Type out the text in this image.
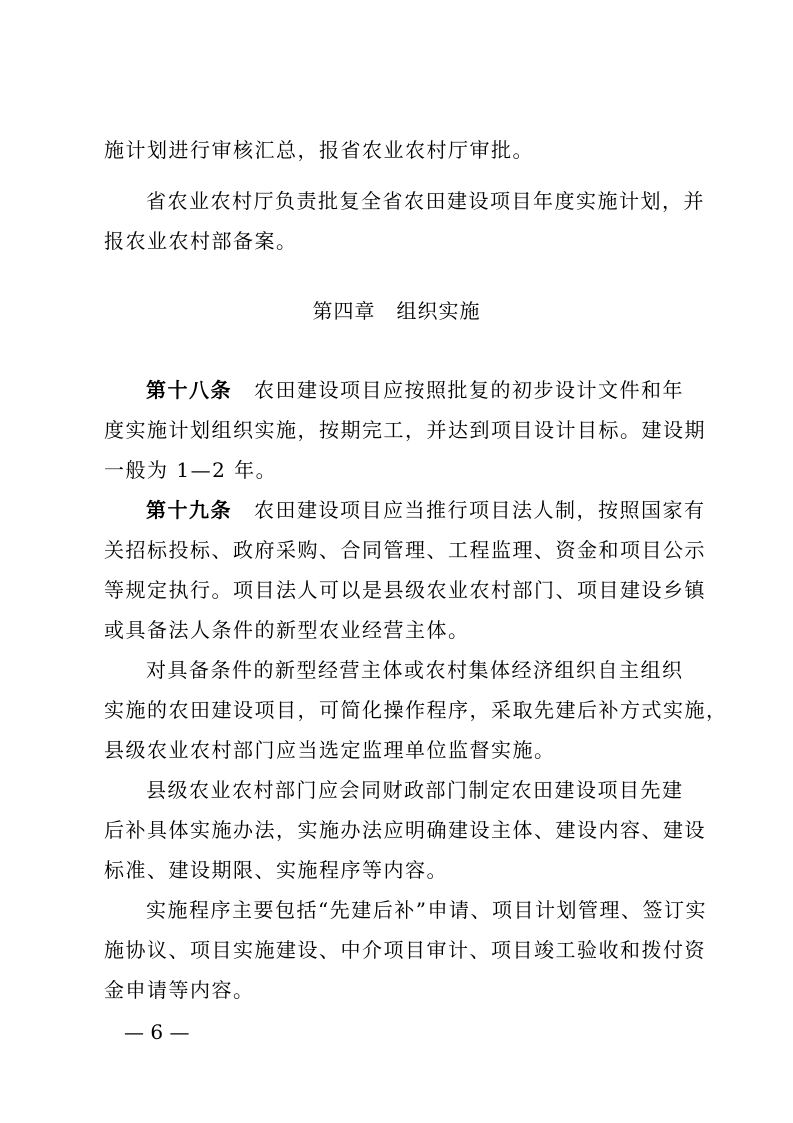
施计划进行审核汇总，报省农业农村厅审批。
省农业农村厅负责批复全省农田建设项目年度实施计划，并
报农业农村部备案。
第四章　组织实施
第十八条 农田建设项目应按照批复的初步设计文件和年
度实施计划组织实施，按期完工，并达到项目设计目标。建设期
一般为 1—2 年。
第十九条 农田建设项目应当推行项目法人制，按照国家有
关招标投标、政府采购、合同管理、工程监理、资金和项目公示
等规定执行。项目法人可以是县级农业农村部门、项目建设乡镇
或具备法人条件的新型农业经营主体。
对具备条件的新型经营主体或农村集体经济组织自主组织
实施的农田建设项目，可简化操作程序，采取先建后补方式实施，
县级农业农村部门应当选定监理单位监督实施。
县级农业农村部门应会同财政部门制定农田建设项目先建
后补具体实施办法，实施办法应明确建设主体、建设内容、建设
标准、建设期限、实施程序等内容。
实施程序主要包括“先建后补”申请、项目计划管理、签订实
施协议、项目实施建设、中介项目审计、项目竣工验收和拨付资
金申请等内容。
— 6 —
